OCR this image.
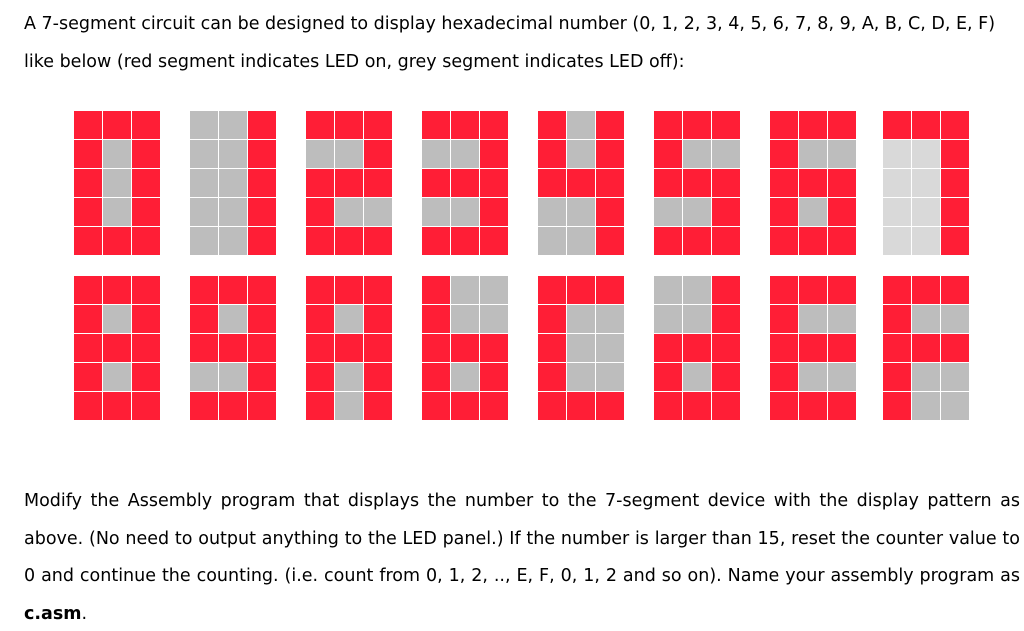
A 7-segment circuit can be designed to display hexadecimal number (0, 1, 2, 3, 4, 5, 6, 7, 8, 9, A, B, C, D, E, F) like below (red segment indicates LED on, grey segment indicates LED off):

Modify the Assembly program that displays the number to the 7-segment device with the display pattern as above. (No need to output anything to the LED panel.) If the number is larger than 15, reset the counter value to 0 and continue the counting. (i.e. count from 0, 1, 2, .., E, F, 0, 1, 2 and so on). Name your assembly program as c.asm.
